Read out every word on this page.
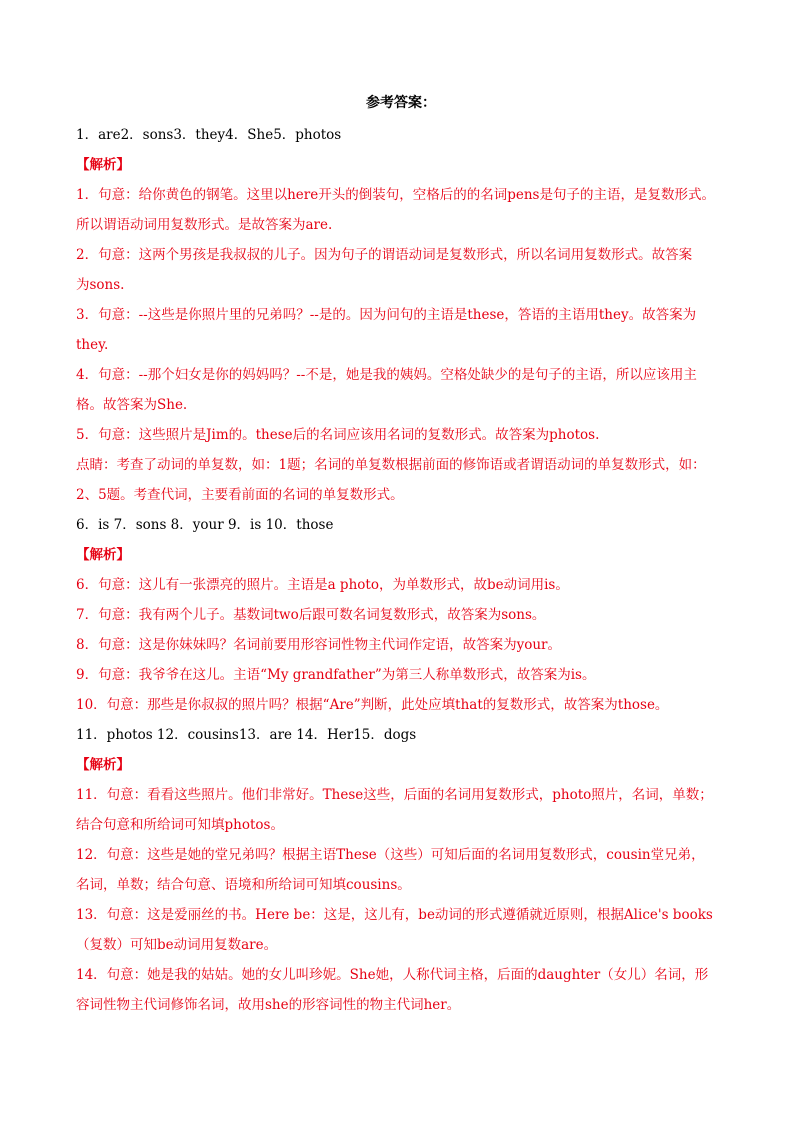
参考答案：
1．are2．sons3．they4．She5．photos
【解析】
1．句意：给你黄色的钢笔。这里以here开头的倒装句，空格后的的名词pens是句子的主语，是复数形式。
所以谓语动词用复数形式。是故答案为are.
2．句意：这两个男孩是我叔叔的儿子。因为句子的谓语动词是复数形式，所以名词用复数形式。故答案
为sons.
3．句意：--这些是你照片里的兄弟吗？--是的。因为问句的主语是these，答语的主语用they。故答案为
they.
4．句意：--那个妇女是你的妈妈吗？--不是，她是我的姨妈。空格处缺少的是句子的主语，所以应该用主
格。故答案为She.
5．句意：这些照片是Jim的。these后的名词应该用名词的复数形式。故答案为photos.
点睛：考查了动词的单复数，如：1题；名词的单复数根据前面的修饰语或者谓语动词的单复数形式，如：
2、5题。考查代词，主要看前面的名词的单复数形式。
6．is 7．sons 8．your 9．is 10．those
【解析】
6．句意：这儿有一张漂亮的照片。主语是a photo，为单数形式，故be动词用is。
7．句意：我有两个儿子。基数词two后跟可数名词复数形式，故答案为sons。
8．句意：这是你妹妹吗？名词前要用形容词性物主代词作定语，故答案为your。
9．句意：我爷爷在这儿。主语“My grandfather”为第三人称单数形式，故答案为is。
10．句意：那些是你叔叔的照片吗？根据“Are”判断，此处应填that的复数形式，故答案为those。
11．photos 12．cousins13．are 14．Her15．dogs
【解析】
11．句意：看看这些照片。他们非常好。These这些，后面的名词用复数形式，photo照片，名词，单数；
结合句意和所给词可知填photos。
12．句意：这些是她的堂兄弟吗？根据主语These（这些）可知后面的名词用复数形式，cousin堂兄弟，
名词，单数；结合句意、语境和所给词可知填cousins。
13．句意：这是爱丽丝的书。Here be：这是，这儿有，be动词的形式遵循就近原则，根据Alice's books
（复数）可知be动词用复数are。
14．句意：她是我的姑姑。她的女儿叫珍妮。She她，人称代词主格，后面的daughter（女儿）名词，形
容词性物主代词修饰名词，故用she的形容词性的物主代词her。
